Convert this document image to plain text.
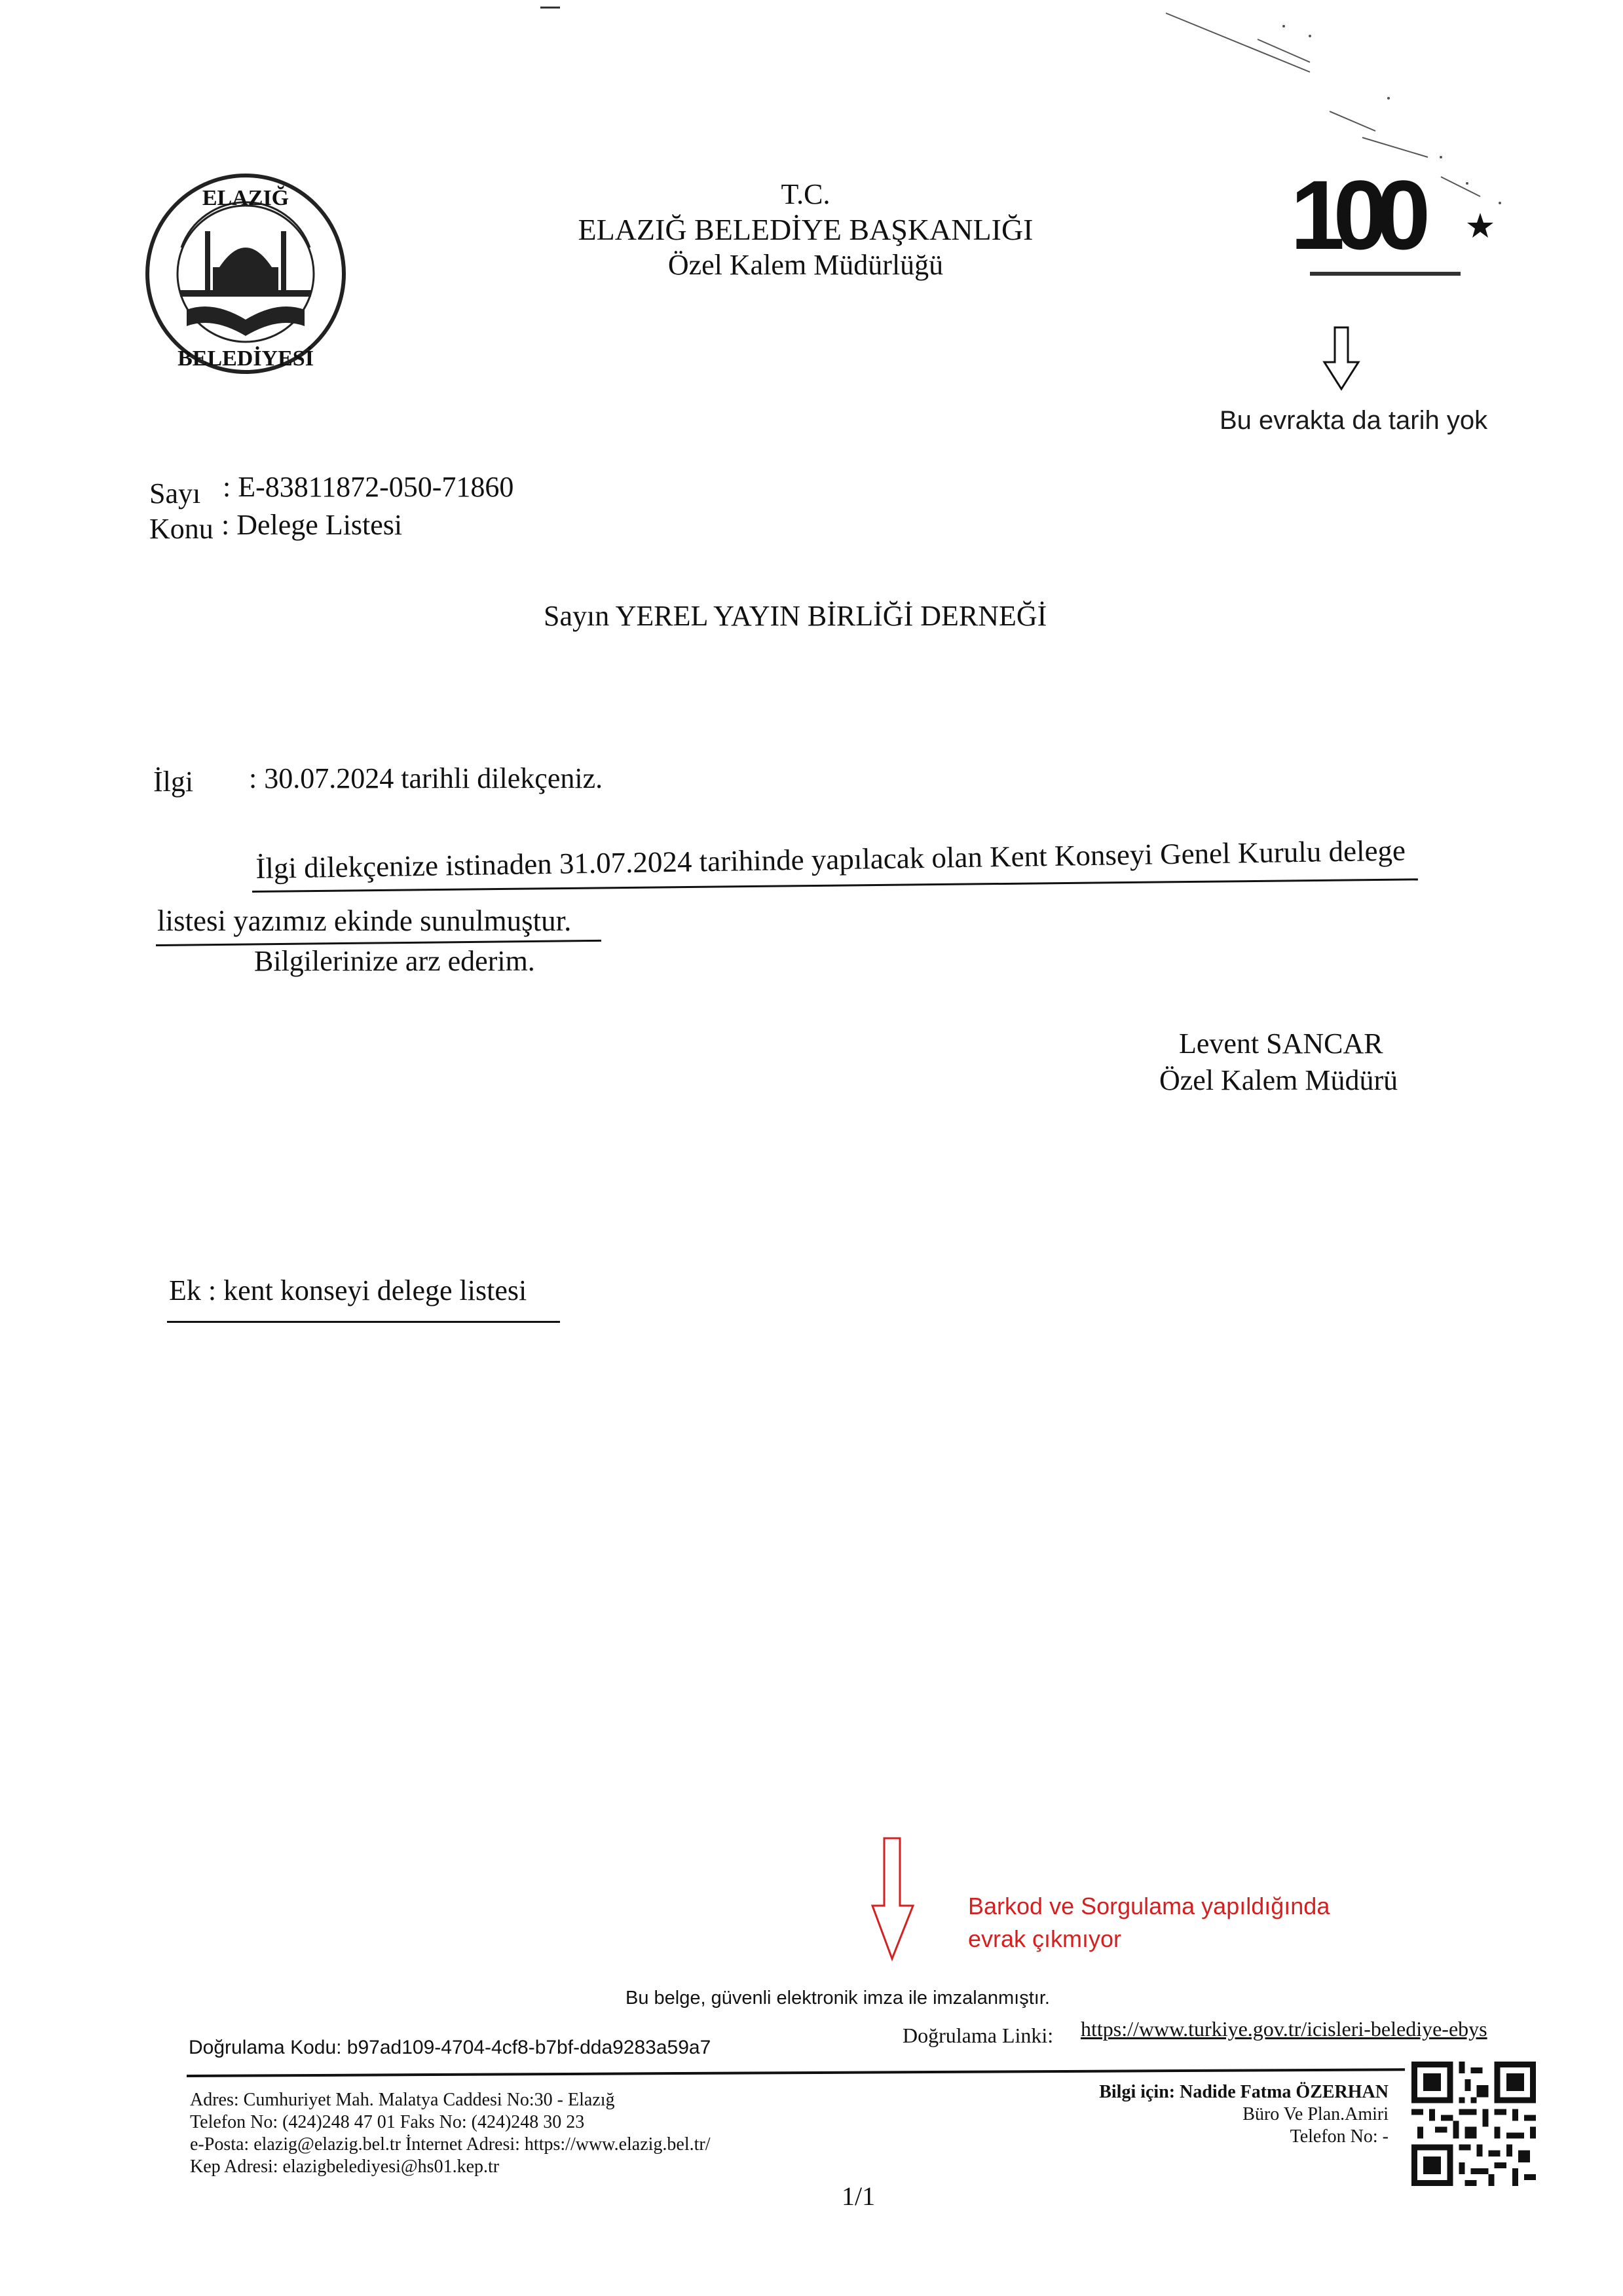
ELAZIĞ
BELEDİYESİ
T.C.
ELAZIĞ BELEDİYE BAŞKANLIĞI
Özel Kalem Müdürlüğü	100
Bu evrakta da tarih yok
Sayı : E-83811872-050-71860
Konu : Delege Listesi
Sayın YEREL YAYIN BİRLİĞİ DERNEĞİ
İlgi : 30.07.2024 tarihli dilekçeniz.
İlgi dilekçenize istinaden 31.07.2024 tarihinde yapılacak olan Kent Konseyi Genel Kurulu delege
listesi yazımız ekinde sunulmuştur.
Bilgilerinize arz ederim.
Levent SANCAR
Özel Kalem Müdürü
Ek : kent konseyi delege listesi
Barkod ve Sorgulama yapıldığında
evrak çıkmıyor
Bu belge, güvenli elektronik imza ile imzalanmıştır.
Doğrulama Kodu: b97ad109-4704-4cf8-b7bf-dda9283a59a7
Doğrulama Linki: https://www.turkiye.gov.tr/icisleri-belediye-ebys
Adres: Cumhuriyet Mah. Malatya Caddesi No:30 - Elazığ
Telefon No: (424)248 47 01 Faks No: (424)248 30 23
e-Posta: elazig@elazig.bel.tr İnternet Adresi: https://www.elazig.bel.tr/
Kep Adresi: elazigbelediyesi@hs01.kep.tr
Bilgi için: Nadide Fatma ÖZERHAN
Büro Ve Plan.Amiri
Telefon No: -
1/1
